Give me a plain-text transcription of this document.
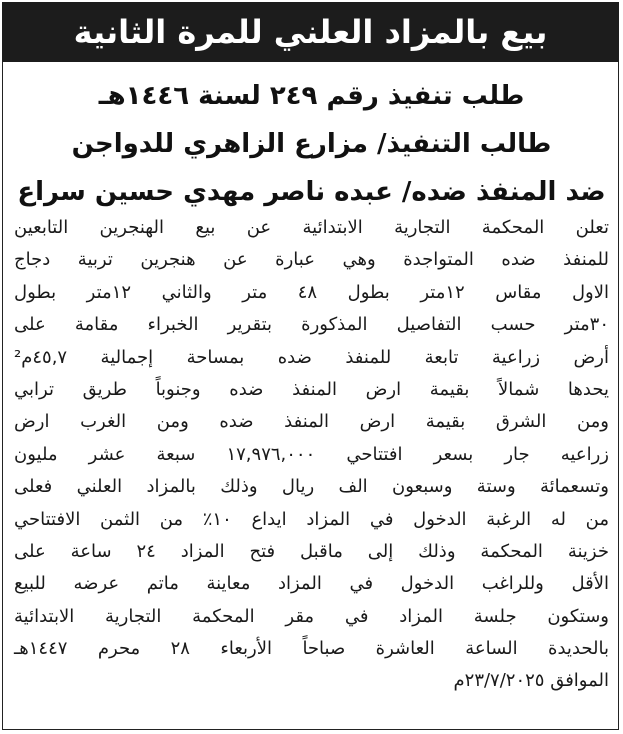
بيع بالمزاد العلني للمرة الثانية
طلب تنفيذ رقم ٢٤٩ لسنة ١٤٤٦هـ
طالب التنفيذ/ مزارع الزاهري للدواجن
ضد المنفذ ضده/ عبده ناصر مهدي حسين سراع
تعلن المحكمة التجارية الابتدائية عن بيع الهنجرين التابعين
للمنفذ ضده المتواجدة وهي عبارة عن هنجرين تربية دجاج
الاول مقاس ١٢متر بطول ٤٨ متر والثاني ١٢متر بطول
٣٠متر حسب التفاصيل المذكورة بتقرير الخبراء مقامة على
أرض زراعية تابعة للمنفذ ضده بمساحة إجمالية ٤٥,٧م²
يحدها شمالاً بقيمة ارض المنفذ ضده وجنوباً طريق ترابي
ومن الشرق بقيمة ارض المنفذ ضده ومن الغرب ارض
زراعيه جار بسعر افتتاحي ١٧,٩٧٦,٠٠٠ سبعة عشر مليون
وتسعمائة وستة وسبعون الف ريال وذلك بالمزاد العلني فعلى
من له الرغبة الدخول في المزاد ايداع ١٠٪ من الثمن الافتتاحي
خزينة المحكمة وذلك إلى ماقبل فتح المزاد ٢٤ ساعة على
الأقل وللراغب الدخول في المزاد معاينة ماتم عرضه للبيع
وستكون جلسة المزاد في مقر المحكمة التجارية الابتدائية
بالحديدة الساعة العاشرة صباحاً الأربعاء ٢٨ محرم ١٤٤٧هـ
الموافق ٢٣/٧/٢٠٢٥م
